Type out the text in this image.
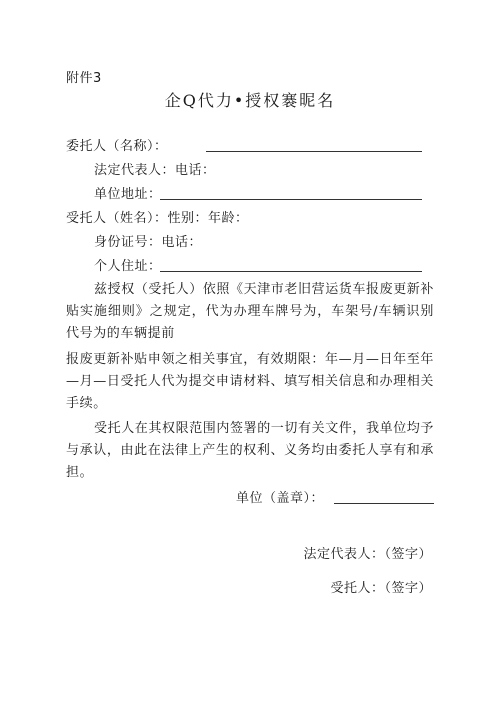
附件3
企Q代力•授权褰昵名
委托人（名称）：
法定代表人：电话：
单位地址：
受托人（姓名）：性别：年龄：
身份证号：电话：
个人住址：
兹授权（受托人）依照《天津市老旧营运货车报废更新补贴实施细则》之规定，代为办理车牌号为，车架号/车辆识别代号为的车辆提前
报废更新补贴申领之相关事宜，有效期限：年—月—日年至年—月—日受托人代为提交申请材料、填写相关信息和办理相关手续。
受托人在其权限范围内签署的一切有关文件，我单位均予与承认，由此在法律上产生的权利、义务均由委托人享有和承担。
单位（盖章）：
法定代表人：（签字）
受托人：（签字）
